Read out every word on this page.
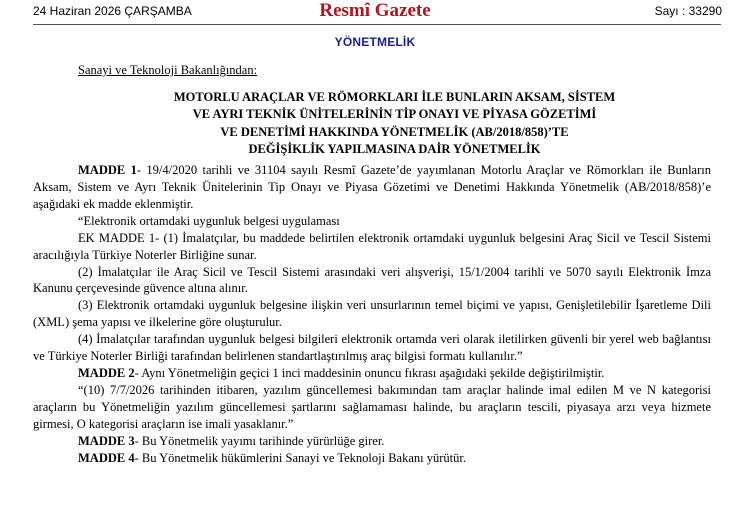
24 Haziran 2026 ÇARŞAMBA	Resmî Gazete	Sayı : 33290
YÖNETMELİK
Sanayi ve Teknoloji Bakanlığından:
MOTORLU ARAÇLAR VE RÖMORKLARI İLE BUNLARIN AKSAM, SİSTEM
VE AYRI TEKNİK ÜNİTELERİNİN TİP ONAYI VE PİYASA GÖZETİMİ
VE DENETİMİ HAKKINDA YÖNETMELİK (AB/2018/858)’TE
DEĞİŞİKLİK YAPILMASINA DAİR YÖNETMELİK

MADDE 1- 19/4/2020 tarihli ve 31104 sayılı Resmî Gazete’de yayımlanan Motorlu Araçlar ve Römorkları ile Bunların Aksam, Sistem ve Ayrı Teknik Ünitelerinin Tip Onayı ve Piyasa Gözetimi ve Denetimi Hakkında Yönetmelik (AB/2018/858)’e aşağıdaki ek madde eklenmiştir.

“Elektronik ortamdaki uygunluk belgesi uygulaması

EK MADDE 1- (1) İmalatçılar, bu maddede belirtilen elektronik ortamdaki uygunluk belgesini Araç Sicil ve Tescil Sistemi aracılığıyla Türkiye Noterler Birliğine sunar.

(2) İmalatçılar ile Araç Sicil ve Tescil Sistemi arasındaki veri alışverişi, 15/1/2004 tarihli ve 5070 sayılı Elektronik İmza Kanunu çerçevesinde güvence altına alınır.

(3) Elektronik ortamdaki uygunluk belgesine ilişkin veri unsurlarının temel biçimi ve yapısı, Genişletilebilir İşaretleme Dili (XML) şema yapısı ve ilkelerine göre oluşturulur.

(4) İmalatçılar tarafından uygunluk belgesi bilgileri elektronik ortamda veri olarak iletilirken güvenli bir yerel web bağlantısı ve Türkiye Noterler Birliği tarafından belirlenen standartlaştırılmış araç bilgisi formatı kullanılır.”

MADDE 2- Aynı Yönetmeliğin geçici 1 inci maddesinin onuncu fıkrası aşağıdaki şekilde değiştirilmiştir.

“(10) 7/7/2026 tarihinden itibaren, yazılım güncellemesi bakımından tam araçlar halinde imal edilen M ve N kategorisi araçların bu Yönetmeliğin yazılım güncellemesi şartlarını sağlamaması halinde, bu araçların tescili, piyasaya arzı veya hizmete girmesi, O kategorisi araçların ise imali yasaklanır.”

MADDE 3- Bu Yönetmelik yayımı tarihinde yürürlüğe girer.

MADDE 4- Bu Yönetmelik hükümlerini Sanayi ve Teknoloji Bakanı yürütür.
